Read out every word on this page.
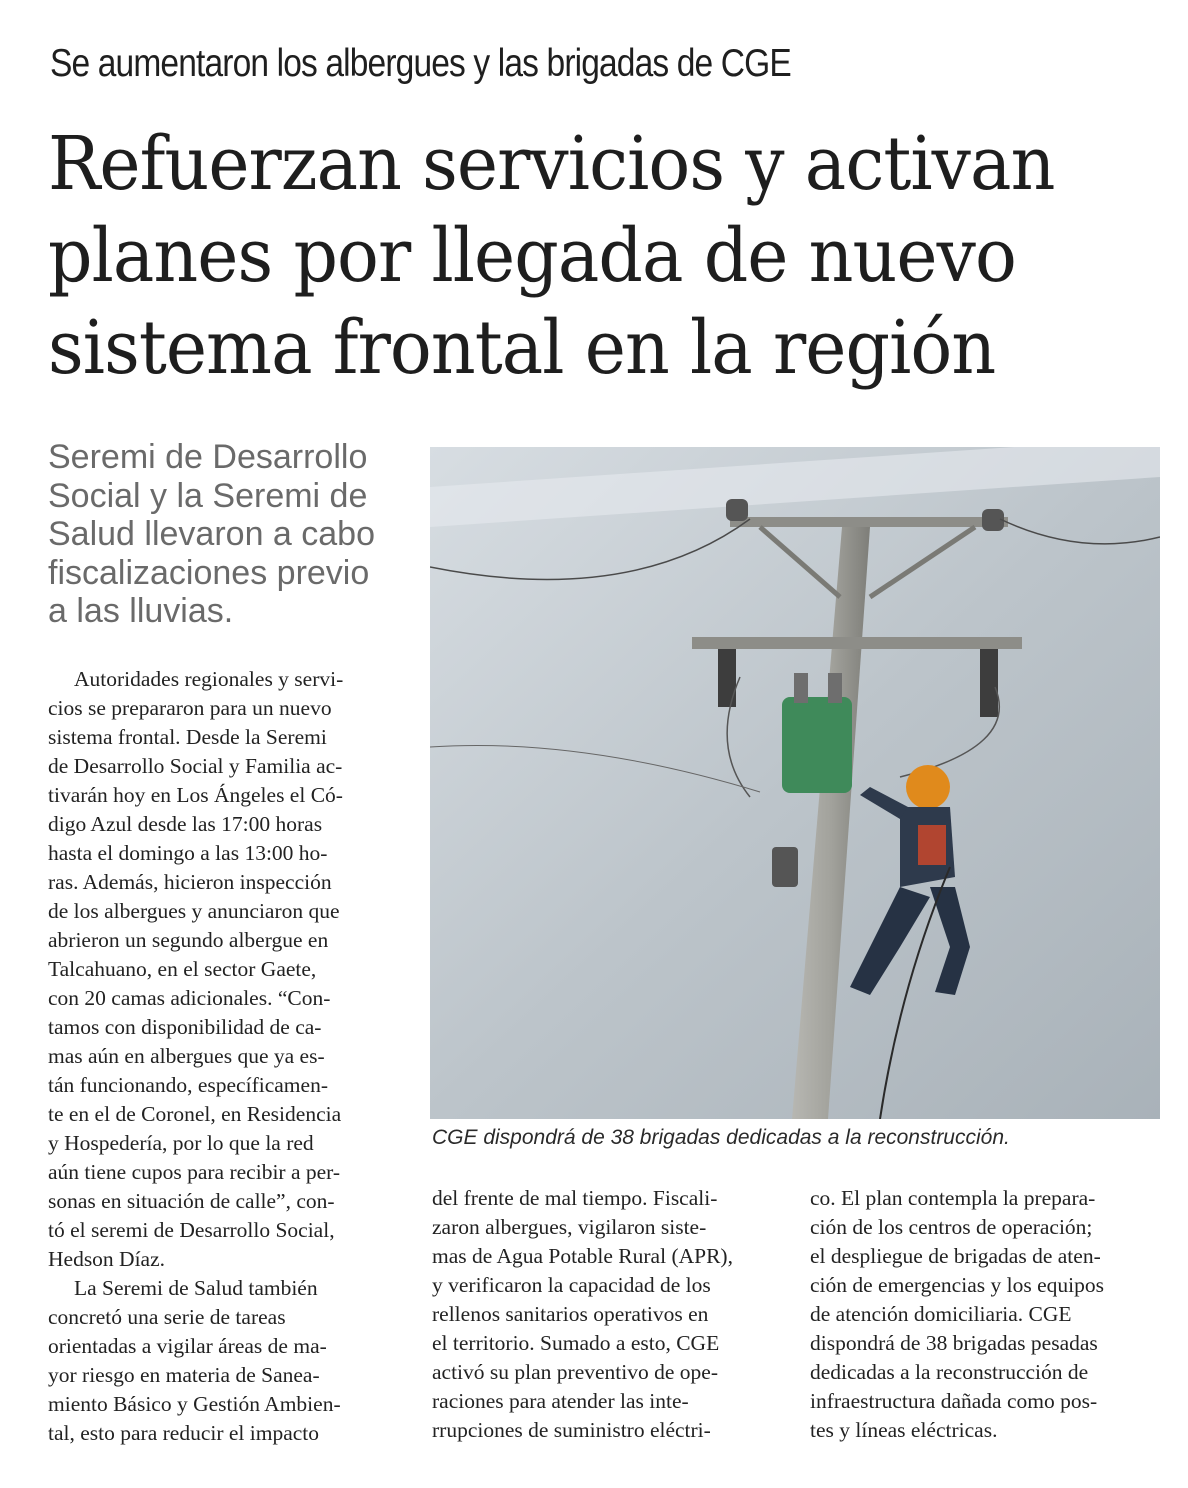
Se aumentaron los albergues y las brigadas de CGE
Refuerzan servicios y activan
planes por llegada de nuevo
sistema frontal en la región
Seremi de Desarrollo
Social y la Seremi de
Salud llevaron a cabo
fiscalizaciones previo
a las lluvias.
CGE dispondrá de 38 brigadas dedicadas a la reconstrucción.
Autoridades regionales y servi-
cios se prepararon para un nuevo
sistema frontal. Desde la Seremi
de Desarrollo Social y Familia ac-
tivarán hoy en Los Ángeles el Có-
digo Azul desde las 17:00 horas
hasta el domingo a las 13:00 ho-
ras. Además, hicieron inspección
de los albergues y anunciaron que
abrieron un segundo albergue en
Talcahuano, en el sector Gaete,
con 20 camas adicionales. “Con-
tamos con disponibilidad de ca-
mas aún en albergues que ya es-
tán funcionando, específicamen-
te en el de Coronel, en Residencia
y Hospedería, por lo que la red
aún tiene cupos para recibir a per-
sonas en situación de calle”, con-
tó el seremi de Desarrollo Social,
Hedson Díaz.
La Seremi de Salud también
concretó una serie de tareas
orientadas a vigilar áreas de ma-
yor riesgo en materia de Sanea-
miento Básico y Gestión Ambien-
tal, esto para reducir el impacto
del frente de mal tiempo. Fiscali-
zaron albergues, vigilaron siste-
mas de Agua Potable Rural (APR),
y verificaron la capacidad de los
rellenos sanitarios operativos en
el territorio. Sumado a esto, CGE
activó su plan preventivo de ope-
raciones para atender las inte-
rrupciones de suministro eléctri-
co. El plan contempla la prepara-
ción de los centros de operación;
el despliegue de brigadas de aten-
ción de emergencias y los equipos
de atención domiciliaria. CGE
dispondrá de 38 brigadas pesadas
dedicadas a la reconstrucción de
infraestructura dañada como pos-
tes y líneas eléctricas.
